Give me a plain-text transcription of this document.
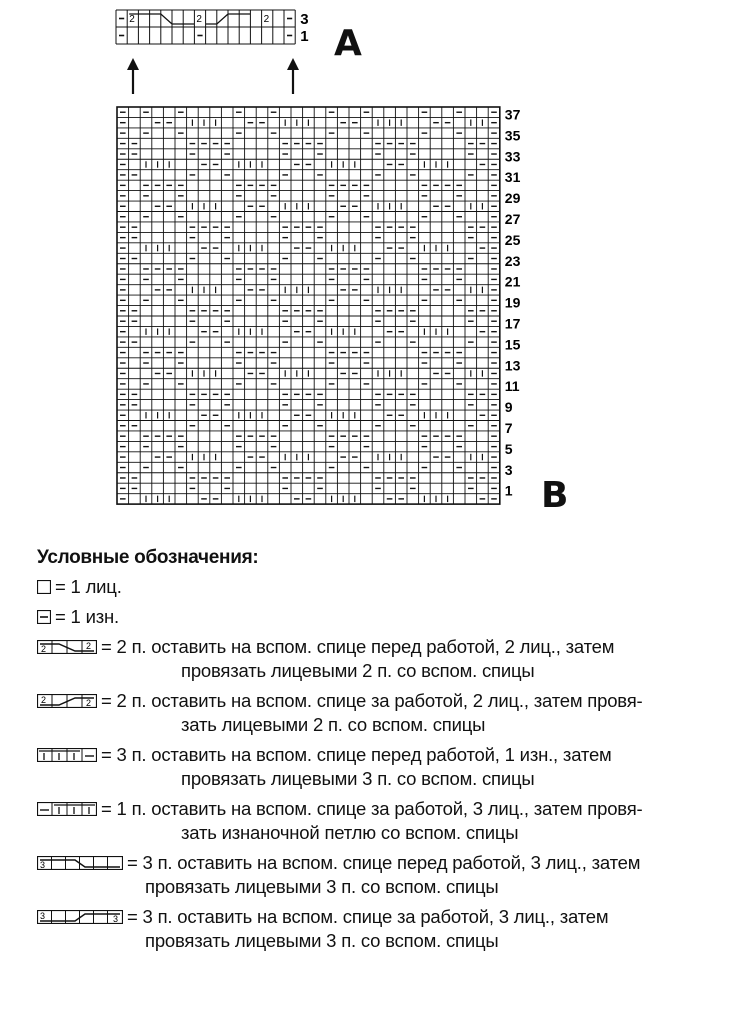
2	2	2 3
1 A
37
35
33
31
29
27
25
23
21
19
17
15
13
11
9
7
5
3
1 B
Условные обозначения:
= 1 лиц.
= 1 изн.
2	2 = 2 п. оставить на вспом. спице перед работой, 2 лиц., затем
провязать лицевыми 2 п. со вспом. спицы
2	2 = 2 п. оставить на вспом. спице за работой, 2 лиц., затем провя-
зать лицевыми 2 п. со вспом. спицы
= 3 п. оставить на вспом. спице перед работой, 1 изн., затем
провязать лицевыми 3 п. со вспом. спицы
= 1 п. оставить на вспом. спице за работой, 3 лиц., затем провя-
зать изнаночной петлю со вспом. спицы
3	= 3 п. оставить на вспом. спице перед работой, 3 лиц., затем
провязать лицевыми 3 п. со вспом. спицы
3	3 = 3 п. оставить на вспом. спице за работой, 3 лиц., затем
провязать лицевыми 3 п. со вспом. спицы
